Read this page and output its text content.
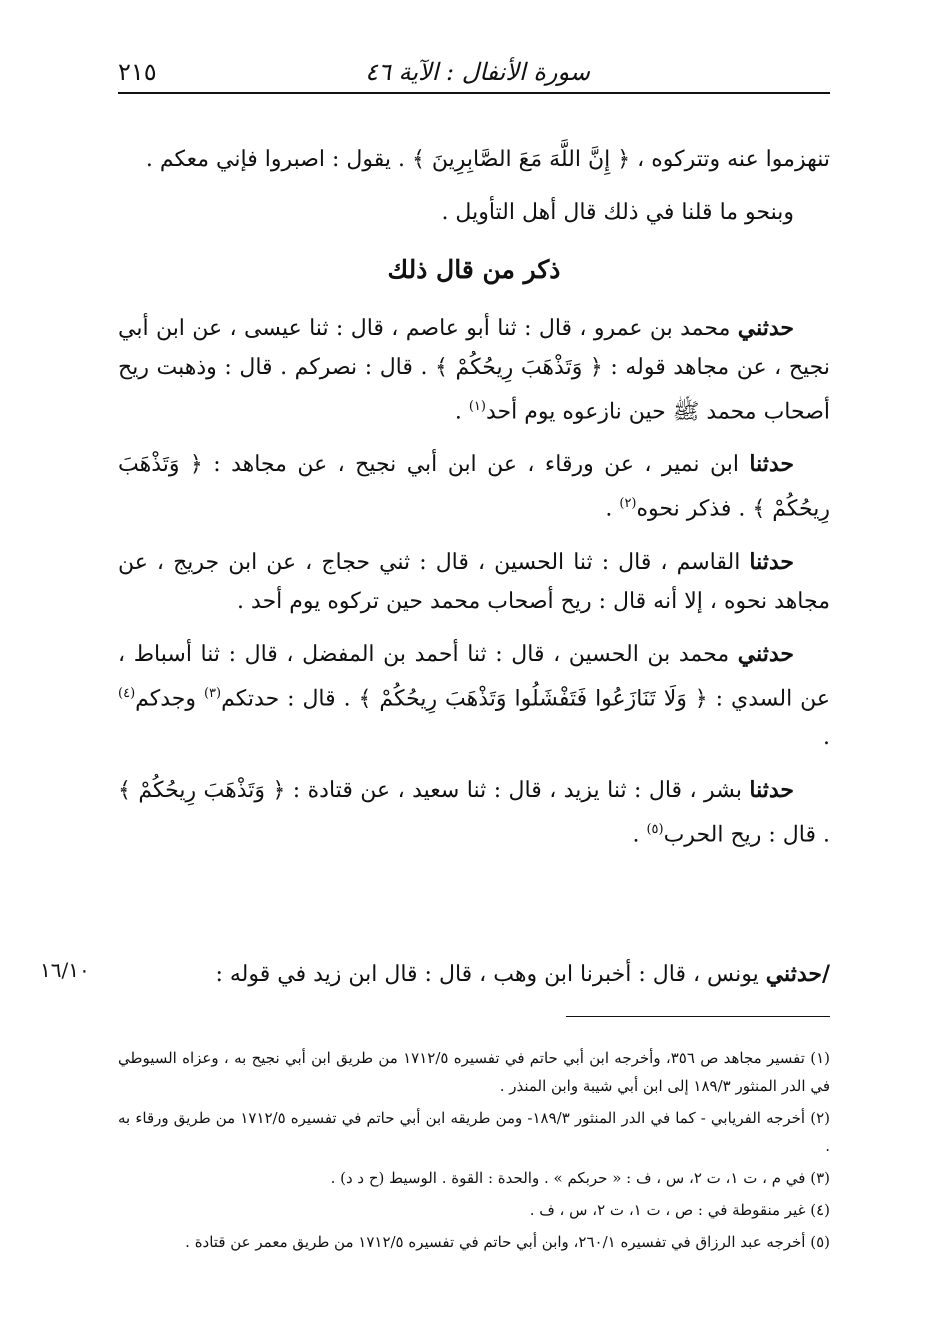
سورة الأنفال : الآية ٤٦
٢١٥

تنهزموا عنه وتتركوه ، ﴿ إِنَّ اللَّهَ مَعَ الصَّابِرِينَ ﴾ . يقول : اصبروا فإني معكم .

وبنحو ما قلنا في ذلك قال أهل التأويل .

ذكر من قال ذلك

حدثني محمد بن عمرو ، قال : ثنا أبو عاصم ، قال : ثنا عيسى ، عن ابن أبي نجيح ، عن مجاهد قوله : ﴿ وَتَذْهَبَ رِيحُكُمْ ﴾ . قال : نصركم . قال : وذهبت ريح أصحاب محمد ﷺ حين نازعوه يوم أحد$^{(١)}$ .

حدثنا ابن نمير ، عن ورقاء ، عن ابن أبي نجيح ، عن مجاهد : ﴿ وَتَذْهَبَ رِيحُكُمْ ﴾ . فذكر نحوه$^{(٢)}$ .

حدثنا القاسم ، قال : ثنا الحسين ، قال : ثني حجاج ، عن ابن جريج ، عن مجاهد نحوه ، إلا أنه قال : ريح أصحاب محمد حين تركوه يوم أحد .

حدثني محمد بن الحسين ، قال : ثنا أحمد بن المفضل ، قال : ثنا أسباط ، عن السدي : ﴿ وَلَا تَنَازَعُوا فَتَفْشَلُوا وَتَذْهَبَ رِيحُكُمْ ﴾ . قال : حدتكم$^{(٣)}$ وجدكم$^{(٤)}$ .

حدثنا بشر ، قال : ثنا يزيد ، قال : ثنا سعيد ، عن قتادة : ﴿ وَتَذْهَبَ رِيحُكُمْ ﴾ . قال : ريح الحرب$^{(٥)}$ .

/حدثني يونس ، قال : أخبرنا ابن وهب ، قال : قال ابن زيد في قوله :
١٦/١٠

(١) تفسير مجاهد ص ٣٥٦، وأخرجه ابن أبي حاتم في تفسيره ١٧١٢/٥ من طريق ابن أبي نجيح به ، وعزاه السيوطي في الدر المنثور ١٨٩/٣ إلى ابن أبي شيبة وابن المنذر .

(٢) أخرجه الفريابي - كما في الدر المنثور ١٨٩/٣- ومن طريقه ابن أبي حاتم في تفسيره ١٧١٢/٥ من طريق ورقاء به .

(٣) في م ، ت ١، ت ٢، س ، ف : « حربكم » . والحدة : القوة . الوسيط (ح د د) .

(٤) غير منقوطة في : ص ، ت ١، ت ٢، س ، ف .

(٥) أخرجه عبد الرزاق في تفسيره ٢٦٠/١، وابن أبي حاتم في تفسيره ١٧١٢/٥ من طريق معمر عن قتادة .
